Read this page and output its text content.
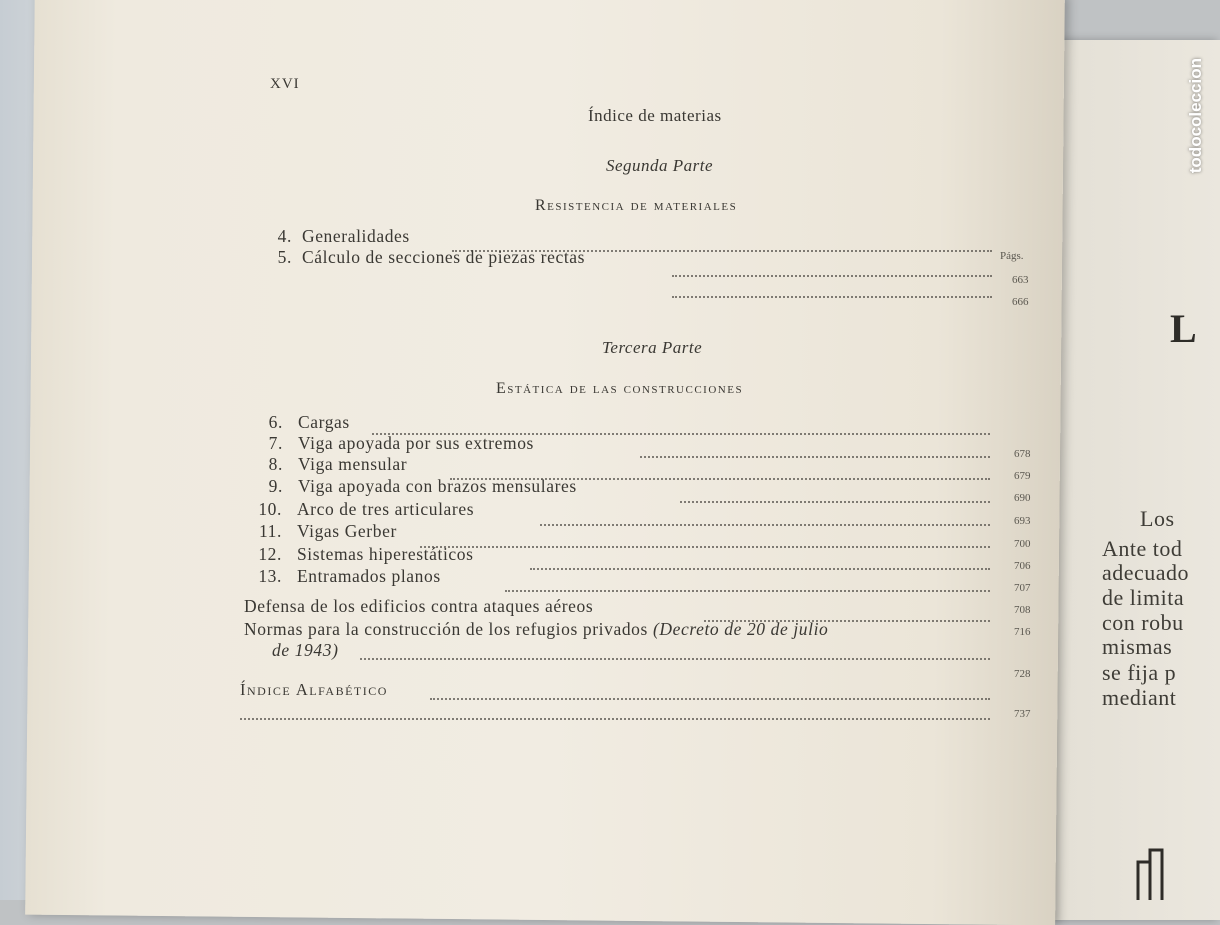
L
Los
Ante tod
adecuado
de limita
con robu
mismas
se fija p
mediant
todocoleccion

XVI
Índice de materias
Segunda Parte
Resistencia de materiales
Págs.
4. Generalidades
663
5. Cálculo de secciones de piezas rectas
666
Tercera Parte
Estática de las construcciones
6. Cargas
678
7. Viga apoyada por sus extremos
679
8. Viga mensular
690
9. Viga apoyada con brazos mensulares
693
10. Arco de tres articulares
700
11. Vigas Gerber
706
12. Sistemas hiperestáticos
707
13. Entramados planos
708
Defensa de los edificios contra ataques aéreos
716
Normas para la construcción de los refugios privados (Decreto de 20 de julio
de 1943)
728
Índice Alfabético
737
